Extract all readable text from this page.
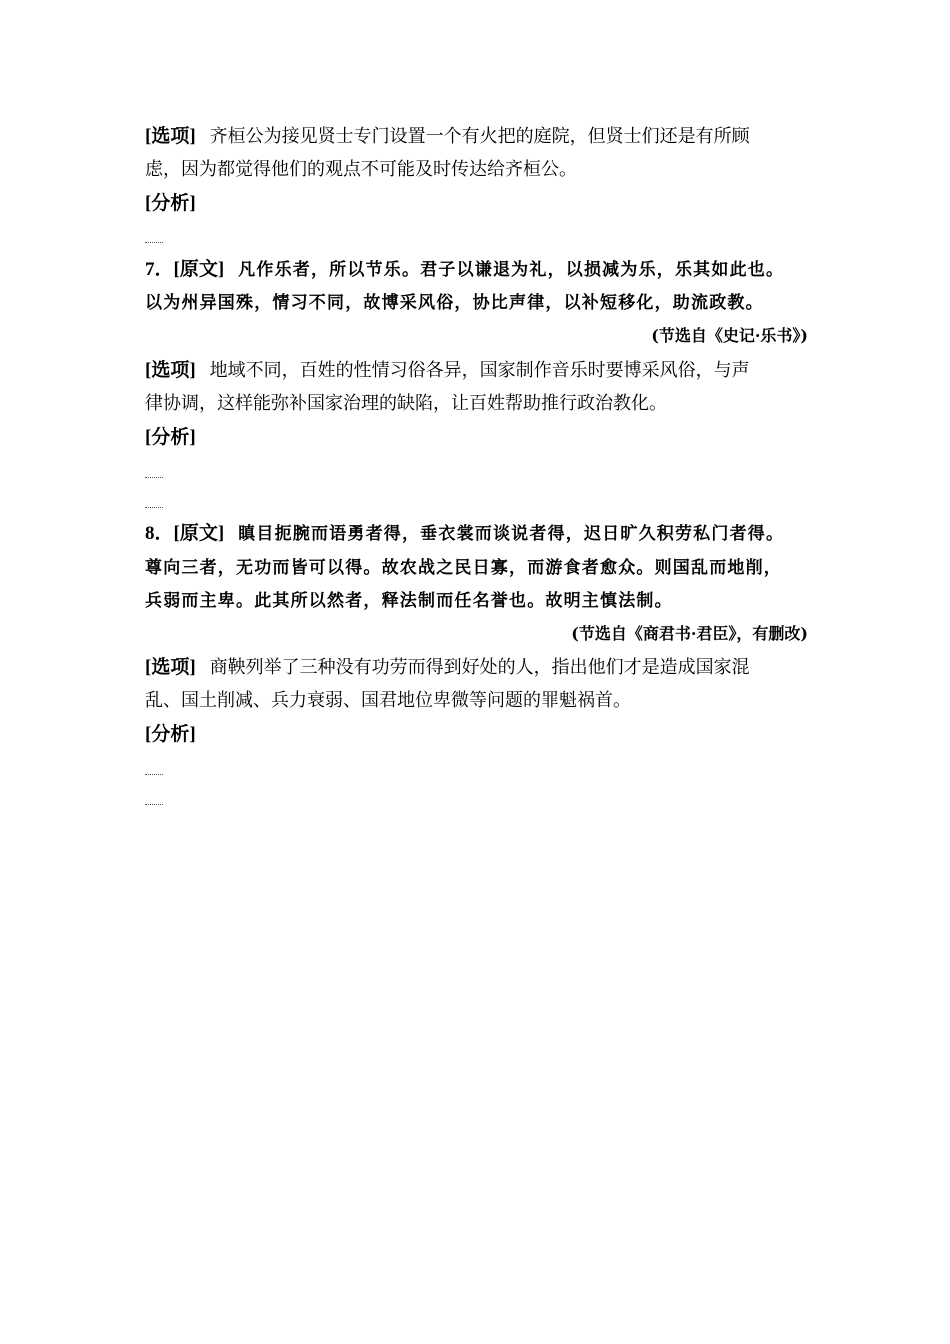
[选项] 齐桓公为接见贤士专门设置一个有火把的庭院，但贤士们还是有所顾
虑，因为都觉得他们的观点不可能及时传达给齐桓公。
[分析]
7．[原文] 凡作乐者，所以节乐。君子以谦退为礼，以损减为乐，乐其如此也。
以为州异国殊，情习不同，故博采风俗，协比声律，以补短移化，助流政教。
(节选自《史记·乐书》)
[选项] 地域不同，百姓的性情习俗各异，国家制作音乐时要博采风俗，与声
律协调，这样能弥补国家治理的缺陷，让百姓帮助推行政治教化。
[分析]
8．[原文] 瞋目扼腕而语勇者得，垂衣裳而谈说者得，迟日旷久积劳私门者得。
尊向三者，无功而皆可以得。故农战之民日寡，而游食者愈众。则国乱而地削，
兵弱而主卑。此其所以然者，释法制而任名誉也。故明主慎法制。
(节选自《商君书·君臣》，有删改)
[选项] 商鞅列举了三种没有功劳而得到好处的人，指出他们才是造成国家混
乱、国土削减、兵力衰弱、国君地位卑微等问题的罪魁祸首。
[分析]
